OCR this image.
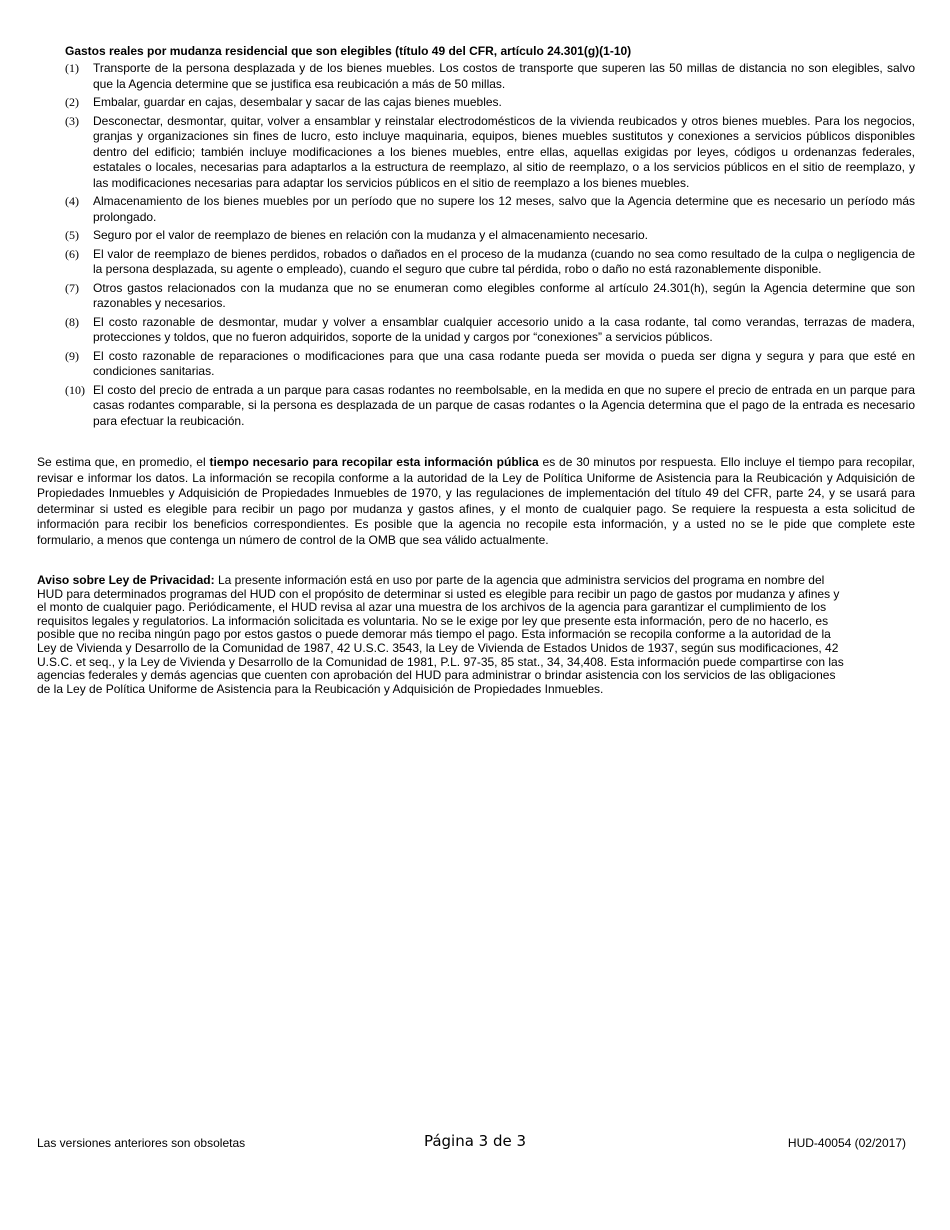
Gastos reales por mudanza residencial que son elegibles (título 49 del CFR, artículo 24.301(g)(1-10)
(1)	Transporte de la persona desplazada y de los bienes muebles. Los costos de transporte que superen las 50 millas de distancia no son elegibles, salvo que la Agencia determine que se justifica esa reubicación a más de 50 millas.
(2)	Embalar, guardar en cajas, desembalar y sacar de las cajas bienes muebles.
(3)	Desconectar, desmontar, quitar, volver a ensamblar y reinstalar electrodomésticos de la vivienda reubicados y otros bienes muebles. Para los negocios, granjas y organizaciones sin fines de lucro, esto incluye maquinaria, equipos, bienes muebles sustitutos y conexiones a servicios públicos disponibles dentro del edificio; también incluye modificaciones a los bienes muebles, entre ellas, aquellas exigidas por leyes, códigos u ordenanzas federales, estatales o locales, necesarias para adaptarlos a la estructura de reemplazo, al sitio de reemplazo, o a los servicios públicos en el sitio de reemplazo, y las modificaciones necesarias para adaptar los servicios públicos en el sitio de reemplazo a los bienes muebles.
(4)	Almacenamiento de los bienes muebles por un período que no supere los 12 meses, salvo que la Agencia determine que es necesario un período más prolongado.
(5)	Seguro por el valor de reemplazo de bienes en relación con la mudanza y el almacenamiento necesario.
(6)	El valor de reemplazo de bienes perdidos, robados o dañados en el proceso de la mudanza (cuando no sea como resultado de la culpa o negligencia de la persona desplazada, su agente o empleado), cuando el seguro que cubre tal pérdida, robo o daño no está razonablemente disponible.
(7)	Otros gastos relacionados con la mudanza que no se enumeran como elegibles conforme al artículo 24.301(h), según la Agencia determine que son razonables y necesarios.
(8)	El costo razonable de desmontar, mudar y volver a ensamblar cualquier accesorio unido a la casa rodante, tal como verandas, terrazas de madera, protecciones y toldos, que no fueron adquiridos, soporte de la unidad y cargos por “conexiones” a servicios públicos.
(9)	El costo razonable de reparaciones o modificaciones para que una casa rodante pueda ser movida o pueda ser digna y segura y para que esté en condiciones sanitarias.
(10) El costo del precio de entrada a un parque para casas rodantes no reembolsable, en la medida en que no supere el precio de entrada en un parque para casas rodantes comparable, si la persona es desplazada de un parque de casas rodantes o la Agencia determina que el pago de la entrada es necesario para efectuar la reubicación.

Se estima que, en promedio, el tiempo necesario para recopilar esta información pública es de 30 minutos por respuesta. Ello incluye el tiempo para recopilar, revisar e informar los datos. La información se recopila conforme a la autoridad de la Ley de Política Uniforme de Asistencia para la Reubicación y Adquisición de Propiedades Inmuebles y Adquisición de Propiedades Inmuebles de 1970, y las regulaciones de implementación del título 49 del CFR, parte 24, y se usará para determinar si usted es elegible para recibir un pago por mudanza y gastos afines, y el monto de cualquier pago. Se requiere la respuesta a esta solicitud de información para recibir los beneficios correspondientes. Es posible que la agencia no recopile esta información, y a usted no se le pide que complete este formulario, a menos que contenga un número de control de la OMB que sea válido actualmente.

Aviso sobre Ley de Privacidad: La presente información está en uso por parte de la agencia que administra servicios del programa en nombre del HUD para determinados programas del HUD con el propósito de determinar si usted es elegible para recibir un pago de gastos por mudanza y afines y el monto de cualquier pago. Periódicamente, el HUD revisa al azar una muestra de los archivos de la agencia para garantizar el cumplimiento de los requisitos legales y regulatorios. La información solicitada es voluntaria. No se le exige por ley que presente esta información, pero de no hacerlo, es posible que no reciba ningún pago por estos gastos o puede demorar más tiempo el pago. Esta información se recopila conforme a la autoridad de la Ley de Vivienda y Desarrollo de la Comunidad de 1987, 42 U.S.C. 3543, la Ley de Vivienda de Estados Unidos de 1937, según sus modificaciones, 42 U.S.C. et seq., y la Ley de Vivienda y Desarrollo de la Comunidad de 1981, P.L. 97-35, 85 stat., 34, 34,408. Esta información puede compartirse con las agencias federales y demás agencias que cuenten con aprobación del HUD para administrar o brindar asistencia con los servicios de las obligaciones de la Ley de Política Uniforme de Asistencia para la Reubicación y Adquisición de Propiedades Inmuebles.

Las versiones anteriores son obsoletas	Página 3 de 3	HUD-40054 (02/2017)
